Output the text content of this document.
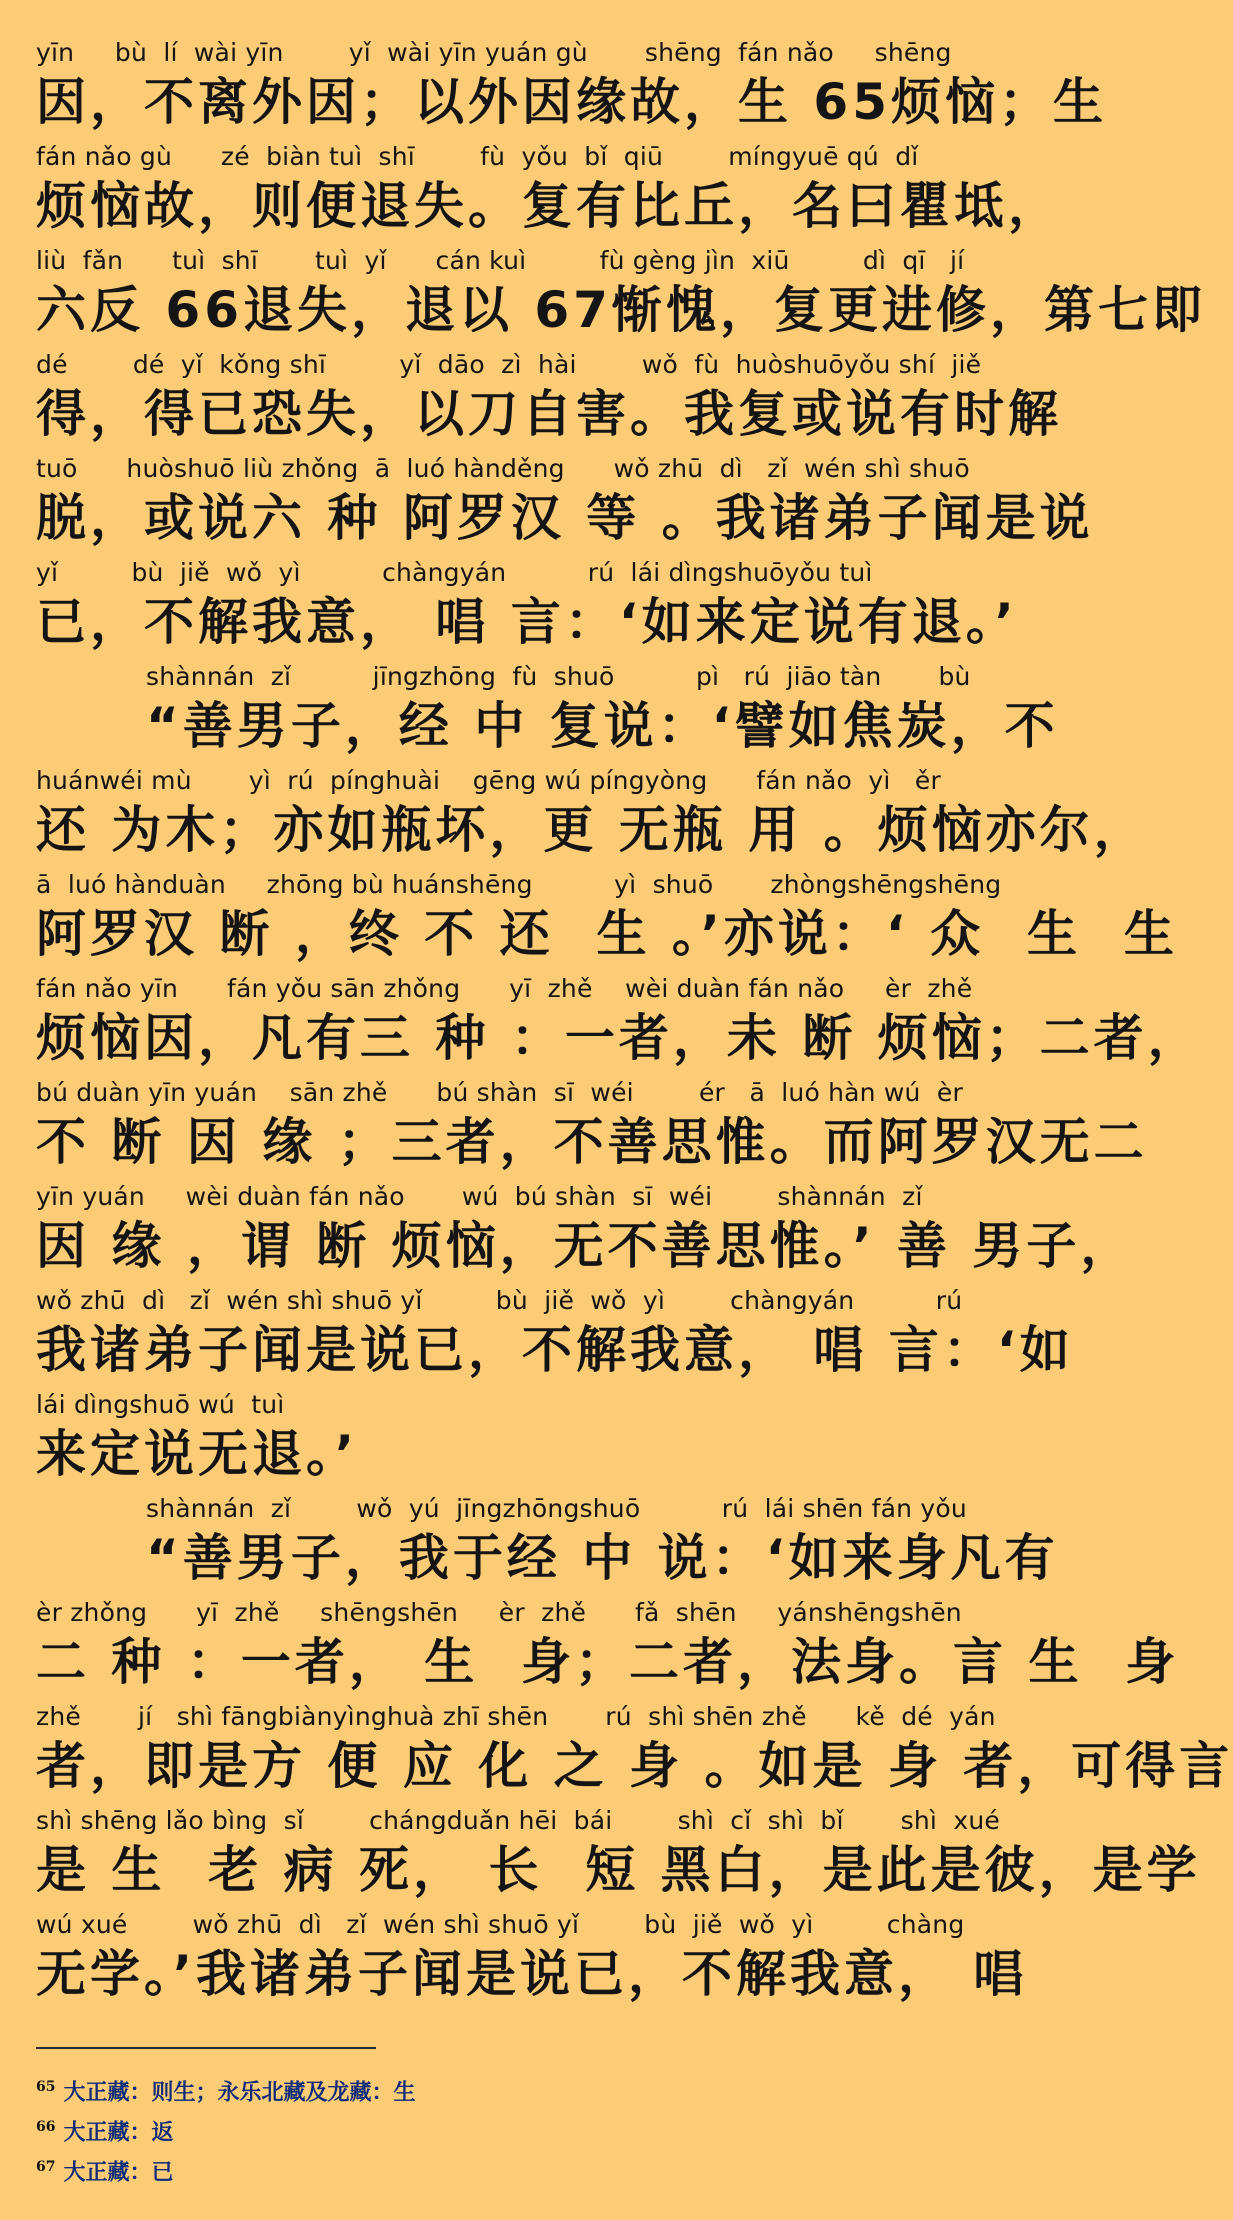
yīn     bù  lí  wài yīn        yǐ  wài yīn yuán gù       shēng  fán nǎo     shēng
因，不离外因；以外因缘故，生 65烦恼；生
fán nǎo gù      zé  biàn tuì  shī        fù  yǒu  bǐ  qiū        míngyuē qú  dǐ
烦恼故，则便退失。复有比丘，名曰瞿坻，
liù  fǎn      tuì  shī       tuì  yǐ      cán kuì         fù gèng jìn  xiū         dì  qī   jí
六反 66退失，退以 67惭愧，复更进修，第七即
dé        dé  yǐ  kǒng shī         yǐ  dāo  zì  hài        wǒ  fù  huòshuōyǒu shí  jiě
得，得已恐失，以刀自害。我复或说有时解
tuō      huòshuō liù zhǒng  ā  luó hànděng      wǒ zhū  dì   zǐ  wén shì shuō
脱，或说六 种 阿罗汉 等 。我诸弟子闻是说
yǐ         bù  jiě  wǒ  yì          chàngyán          rú  lái dìngshuōyǒu tuì
已，不解我意， 唱 言：‘如来定说有退。’
shànnán  zǐ          jīngzhōng  fù  shuō          pì   rú  jiāo tàn       bù
“善男子，经 中 复说：‘譬如焦炭，不
huánwéi mù       yì  rú  pínghuài    gēng wú píngyòng      fán nǎo  yì   ěr
还 为木；亦如瓶坏，更 无瓶 用 。烦恼亦尔，
ā  luó hànduàn     zhōng bù huánshēng          yì  shuō       zhòngshēngshēng
阿罗汉 断 ，终 不 还  生 。’亦说：‘ 众  生  生
fán nǎo yīn      fán yǒu sān zhǒng      yī  zhě    wèi duàn fán nǎo     èr  zhě
烦恼因，凡有三 种 ：一者，未 断 烦恼；二者，
bú duàn yīn yuán    sān zhě      bú shàn  sī  wéi        ér   ā  luó hàn wú  èr
不 断 因 缘 ；三者，不善思惟。而阿罗汉无二
yīn yuán     wèi duàn fán nǎo       wú  bú shàn  sī  wéi        shànnán  zǐ
因 缘 ，谓 断 烦恼，无不善思惟。’ 善 男子，
wǒ zhū  dì   zǐ  wén shì shuō yǐ         bù  jiě  wǒ  yì        chàngyán          rú
我诸弟子闻是说已，不解我意， 唱 言：‘如
lái dìngshuō wú  tuì
来定说无退。’
shànnán  zǐ        wǒ  yú  jīngzhōngshuō          rú  lái shēn fán yǒu
“善男子，我于经 中 说：‘如来身凡有
èr zhǒng      yī  zhě     shēngshēn     èr  zhě      fǎ  shēn     yánshēngshēn
二 种 ：一者， 生  身；二者，法身。言 生  身
zhě       jí   shì fāngbiànyìnghuà zhī shēn       rú  shì shēn zhě      kě  dé  yán
者，即是方 便 应 化 之 身 。如是 身 者，可得言
shì shēng lǎo bìng  sǐ        chángduǎn hēi  bái        shì  cǐ  shì  bǐ       shì  xué
是 生  老 病 死， 长  短 黑白，是此是彼，是学
wú xué        wǒ zhū  dì   zǐ  wén shì shuō yǐ        bù  jiě  wǒ  yì         chàng
无学。’我诸弟子闻是说已，不解我意， 唱
$^{65}$ 大正藏：则生；永乐北藏及龙藏：生
$^{66}$ 大正藏：返
$^{67}$ 大正藏：已
